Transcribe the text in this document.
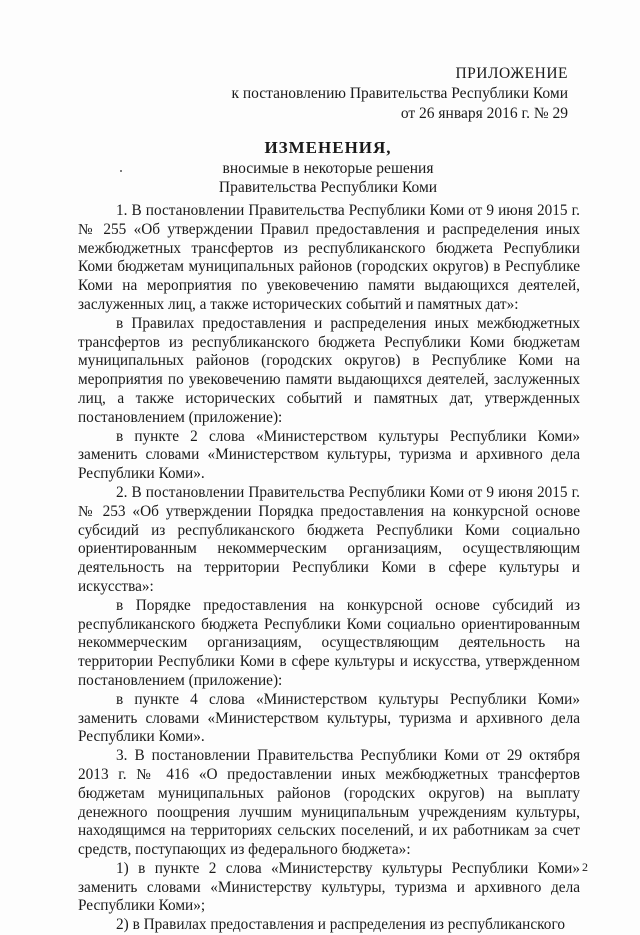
ПРИЛОЖЕНИЕ
к постановлению Правительства Республики Коми
от 26 января 2016 г. № 29
ИЗМЕНЕНИЯ,
вносимые в некоторые решения
Правительства Республики Коми

1. В постановлении Правительства Республики Коми от 9 июня 2015 г. № 255 «Об утверждении Правил предоставления и распределения иных межбюджетных трансфертов из республиканского бюджета Республики Коми бюджетам муниципальных районов (городских округов) в Республике Коми на мероприятия по увековечению памяти выдающихся деятелей, заслуженных лиц, а также исторических событий и памятных дат»:

в Правилах предоставления и распределения иных межбюджетных трансфертов из республиканского бюджета Республики Коми бюджетам муниципальных районов (городских округов) в Республике Коми на мероприятия по увековечению памяти выдающихся деятелей, заслуженных лиц, а также исторических событий и памятных дат, утвержденных постановлением (приложение):

в пункте 2 слова «Министерством культуры Республики Коми» заменить словами «Министерством культуры, туризма и архивного дела Республики Коми».

2. В постановлении Правительства Республики Коми от 9 июня 2015 г. № 253 «Об утверждении Порядка предоставления на конкурсной основе субсидий из республиканского бюджета Республики Коми социально ориентированным некоммерческим организациям, осуществляющим деятельность на территории Республики Коми в сфере культуры и искусства»:

в Порядке предоставления на конкурсной основе субсидий из республиканского бюджета Республики Коми социально ориентированным некоммерческим организациям, осуществляющим деятельность на территории Республики Коми в сфере культуры и искусства, утвержденном постановлением (приложение):

в пункте 4 слова «Министерством культуры Республики Коми» заменить словами «Министерством культуры, туризма и архивного дела Республики Коми».

3. В постановлении Правительства Республики Коми от 29 октября 2013 г. № 416 «О предоставлении иных межбюджетных трансфертов бюджетам муниципальных районов (городских округов) на выплату денежного поощрения лучшим муниципальным учреждениям культуры, находящимся на территориях сельских поселений, и их работникам за счет средств, поступающих из федерального бюджета»:

1) в пункте 2 слова «Министерству культуры Республики Коми» заменить словами «Министерству культуры, туризма и архивного дела Республики Коми»;

2) в Правилах предоставления и распределения из республиканского

2
